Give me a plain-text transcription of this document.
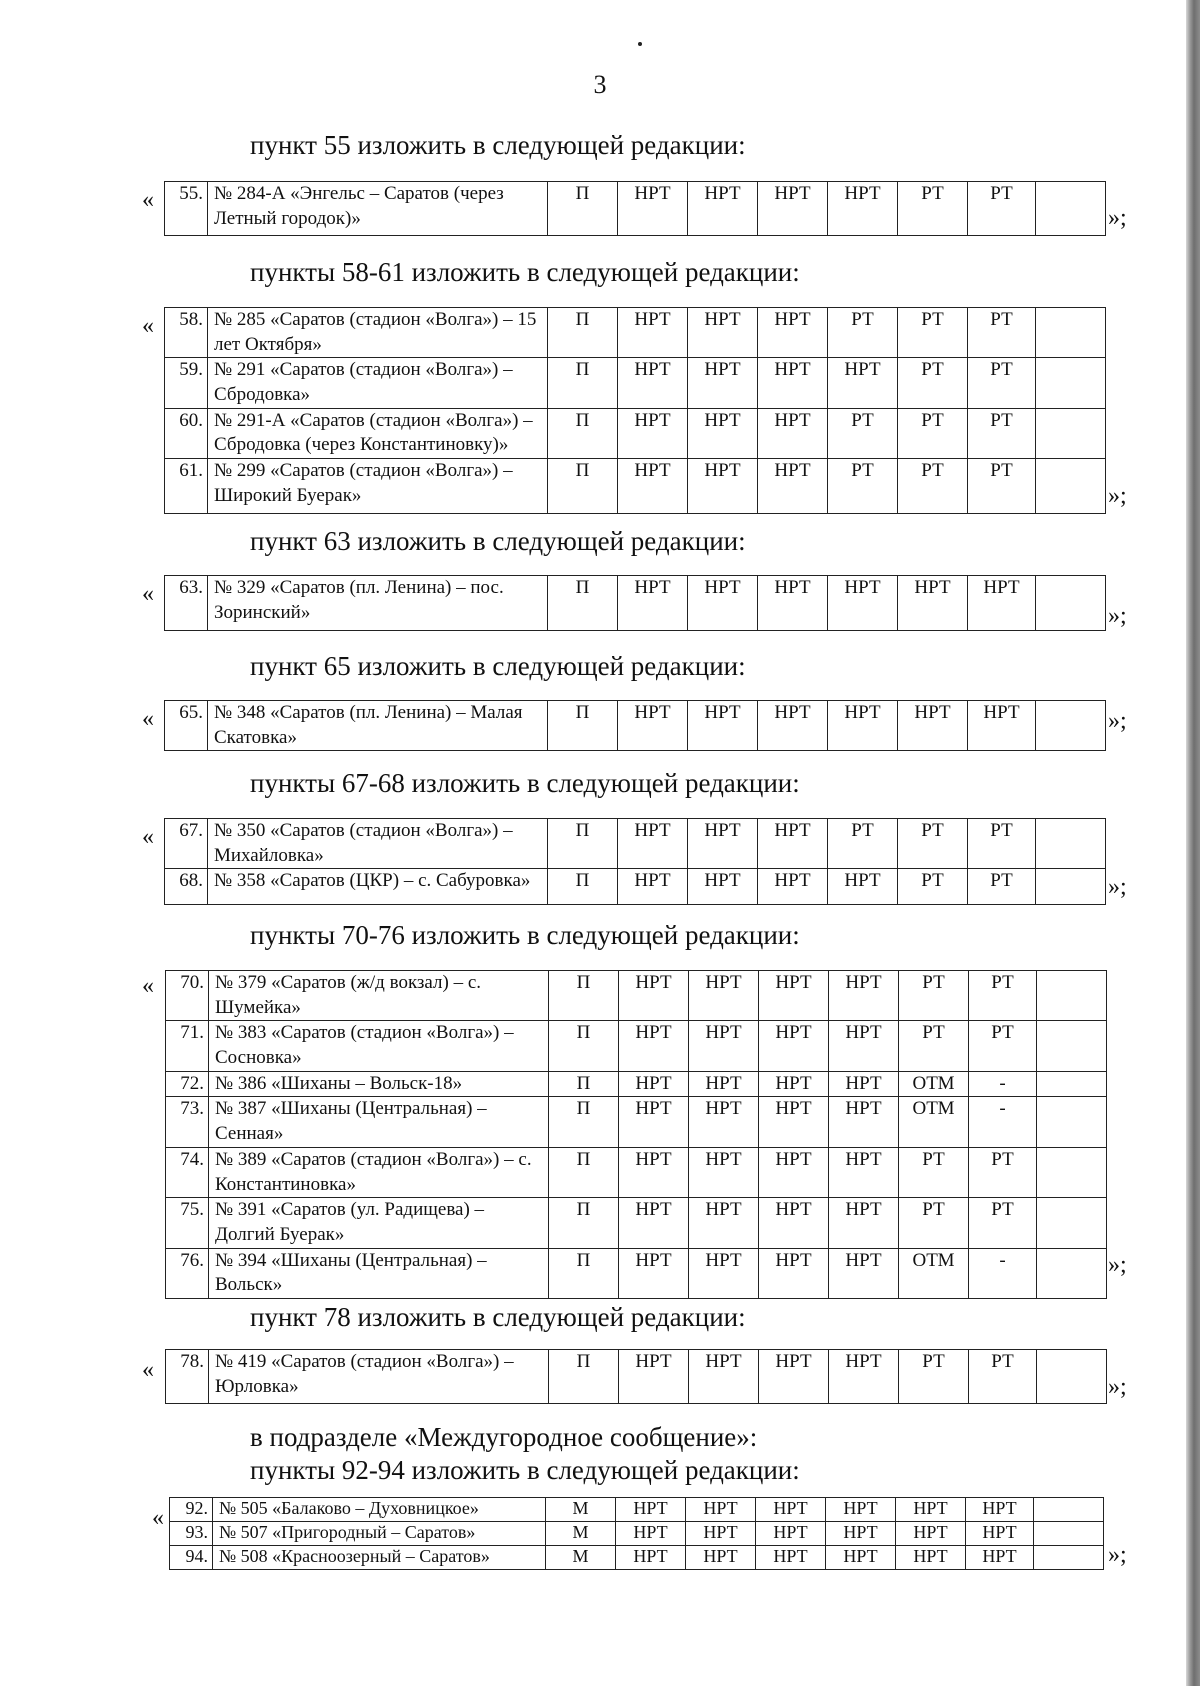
3
пункт 55 изложить в следующей редакции:
«
»;
55.	№ 284-А «Энгельс – Саратов (через Летный городок)»	П	НРТ	НРТ	НРТ	НРТ	РТ	РТ	
пункты 58-61 изложить в следующей редакции:
«
»;
58.	№ 285 «Саратов (стадион «Волга») – 15 лет Октября»	П	НРТ	НРТ	НРТ	РТ	РТ	РТ	
59.	№ 291 «Саратов (стадион «Волга») – Сбродовка»	П	НРТ	НРТ	НРТ	НРТ	РТ	РТ	
60.	№ 291-А «Саратов (стадион «Волга») – Сбродовка (через Константиновку)»	П	НРТ	НРТ	НРТ	РТ	РТ	РТ	
61.	№ 299 «Саратов (стадион «Волга») – Широкий Буерак»	П	НРТ	НРТ	НРТ	РТ	РТ	РТ	
пункт 63 изложить в следующей редакции:
«
»;
63.	№ 329 «Саратов (пл. Ленина) – пос. Зоринский»	П	НРТ	НРТ	НРТ	НРТ	НРТ	НРТ	
пункт 65 изложить в следующей редакции:
«	»;
65.	№ 348 «Саратов (пл. Ленина) – Малая Скатовка»	П	НРТ	НРТ	НРТ	НРТ	НРТ	НРТ	
пункты 67-68 изложить в следующей редакции:
«
»;
67.	№ 350 «Саратов (стадион «Волга») – Михайловка»	П	НРТ	НРТ	НРТ	РТ	РТ	РТ	
68.	№ 358 «Саратов (ЦКР) – с. Сабуровка»	П	НРТ	НРТ	НРТ	НРТ	РТ	РТ	
пункты 70-76 изложить в следующей редакции:
«
»;
70.	№ 379 «Саратов (ж/д вокзал) – с. Шумейка»	П	НРТ	НРТ	НРТ	НРТ	РТ	РТ	
71.	№ 383 «Саратов (стадион «Волга») – Сосновка»	П	НРТ	НРТ	НРТ	НРТ	РТ	РТ	
72.	№ 386 «Шиханы – Вольск-18»	П	НРТ	НРТ	НРТ	НРТ	ОТМ	-	
73.	№ 387 «Шиханы (Центральная) – Сенная»	П	НРТ	НРТ	НРТ	НРТ	ОТМ	-	
74.	№ 389 «Саратов (стадион «Волга») – с. Константиновка»	П	НРТ	НРТ	НРТ	НРТ	РТ	РТ	
75.	№ 391 «Саратов (ул. Радищева) – Долгий Буерак»	П	НРТ	НРТ	НРТ	НРТ	РТ	РТ	
76.	№ 394 «Шиханы (Центральная) – Вольск»	П	НРТ	НРТ	НРТ	НРТ	ОТМ	-	
пункт 78 изложить в следующей редакции:
«
»;
78.	№ 419 «Саратов (стадион «Волга») – Юрловка»	П	НРТ	НРТ	НРТ	НРТ	РТ	РТ	
в подразделе «Междугородное сообщение»:
пункты 92-94 изложить в следующей редакции:
«
»;
92.	№ 505 «Балаково – Духовницкое»	М	НРТ	НРТ	НРТ	НРТ	НРТ	НРТ	
93.	№ 507 «Пригородный – Саратов»	М	НРТ	НРТ	НРТ	НРТ	НРТ	НРТ	
94.	№ 508 «Красноозерный – Саратов»	М	НРТ	НРТ	НРТ	НРТ	НРТ	НРТ	
